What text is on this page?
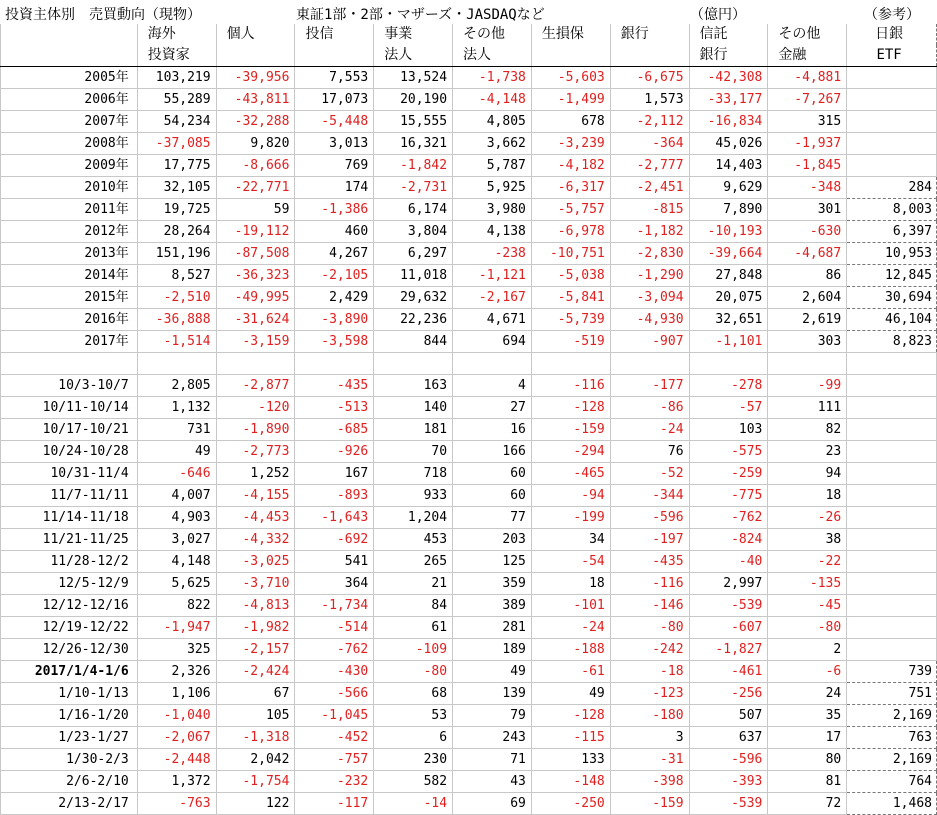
投資主体別　売買動向（現物）	東証1部・2部・マザーズ・JASDAQなど	（億円）	（参考）
	海外	個人	投信	事業	その他	生損保	銀行	信託	その他	日銀
	投資家			法人	法人			銀行	金融	ETF
2005年	103,219	-39,956	7,553	13,524	-1,738	-5,603	-6,675	-42,308	-4,881	
2006年	55,289	-43,811	17,073	20,190	-4,148	-1,499	1,573	-33,177	-7,267	
2007年	54,234	-32,288	-5,448	15,555	4,805	678	-2,112	-16,834	315	
2008年	-37,085	9,820	3,013	16,321	3,662	-3,239	-364	45,026	-1,937	
2009年	17,775	-8,666	769	-1,842	5,787	-4,182	-2,777	14,403	-1,845	
2010年	32,105	-22,771	174	-2,731	5,925	-6,317	-2,451	9,629	-348	284
2011年	19,725	59	-1,386	6,174	3,980	-5,757	-815	7,890	301	8,003
2012年	28,264	-19,112	460	3,804	4,138	-6,978	-1,182	-10,193	-630	6,397
2013年	151,196	-87,508	4,267	6,297	-238	-10,751	-2,830	-39,664	-4,687	10,953
2014年	8,527	-36,323	-2,105	11,018	-1,121	-5,038	-1,290	27,848	86	12,845
2015年	-2,510	-49,995	2,429	29,632	-2,167	-5,841	-3,094	20,075	2,604	30,694
2016年	-36,888	-31,624	-3,890	22,236	4,671	-5,739	-4,930	32,651	2,619	46,104
2017年	-1,514	-3,159	-3,598	844	694	-519	-907	-1,101	303	8,823

10/3-10/7	2,805	-2,877	-435	163	4	-116	-177	-278	-99	
10/11-10/14	1,132	-120	-513	140	27	-128	-86	-57	111	
10/17-10/21	731	-1,890	-685	181	16	-159	-24	103	82	
10/24-10/28	49	-2,773	-926	70	166	-294	76	-575	23	
10/31-11/4	-646	1,252	167	718	60	-465	-52	-259	94	
11/7-11/11	4,007	-4,155	-893	933	60	-94	-344	-775	18	
11/14-11/18	4,903	-4,453	-1,643	1,204	77	-199	-596	-762	-26	
11/21-11/25	3,027	-4,332	-692	453	203	34	-197	-824	38	
11/28-12/2	4,148	-3,025	541	265	125	-54	-435	-40	-22	
12/5-12/9	5,625	-3,710	364	21	359	18	-116	2,997	-135	
12/12-12/16	822	-4,813	-1,734	84	389	-101	-146	-539	-45	
12/19-12/22	-1,947	-1,982	-514	61	281	-24	-80	-607	-80	
12/26-12/30	325	-2,157	-762	-109	189	-188	-242	-1,827	2	
2017/1/4-1/6	2,326	-2,424	-430	-80	49	-61	-18	-461	-6	739
1/10-1/13	1,106	67	-566	68	139	49	-123	-256	24	751
1/16-1/20	-1,040	105	-1,045	53	79	-128	-180	507	35	2,169
1/23-1/27	-2,067	-1,318	-452	6	243	-115	3	637	17	763
1/30-2/3	-2,448	2,042	-757	230	71	133	-31	-596	80	2,169
2/6-2/10	1,372	-1,754	-232	582	43	-148	-398	-393	81	764
2/13-2/17	-763	122	-117	-14	69	-250	-159	-539	72	1,468
